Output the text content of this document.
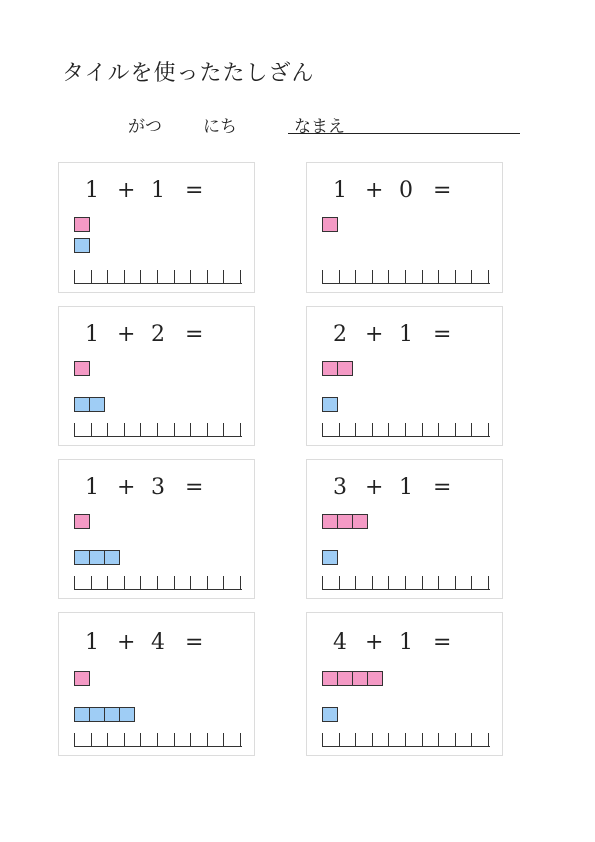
タイルを使ったたしざん
がつ にち	なまえ
1 + 1 =	1 + 0 =
1 + 2 =	2 + 1 =
1 + 3 =	3 + 1 =
1 + 4 =	4 + 1 =
